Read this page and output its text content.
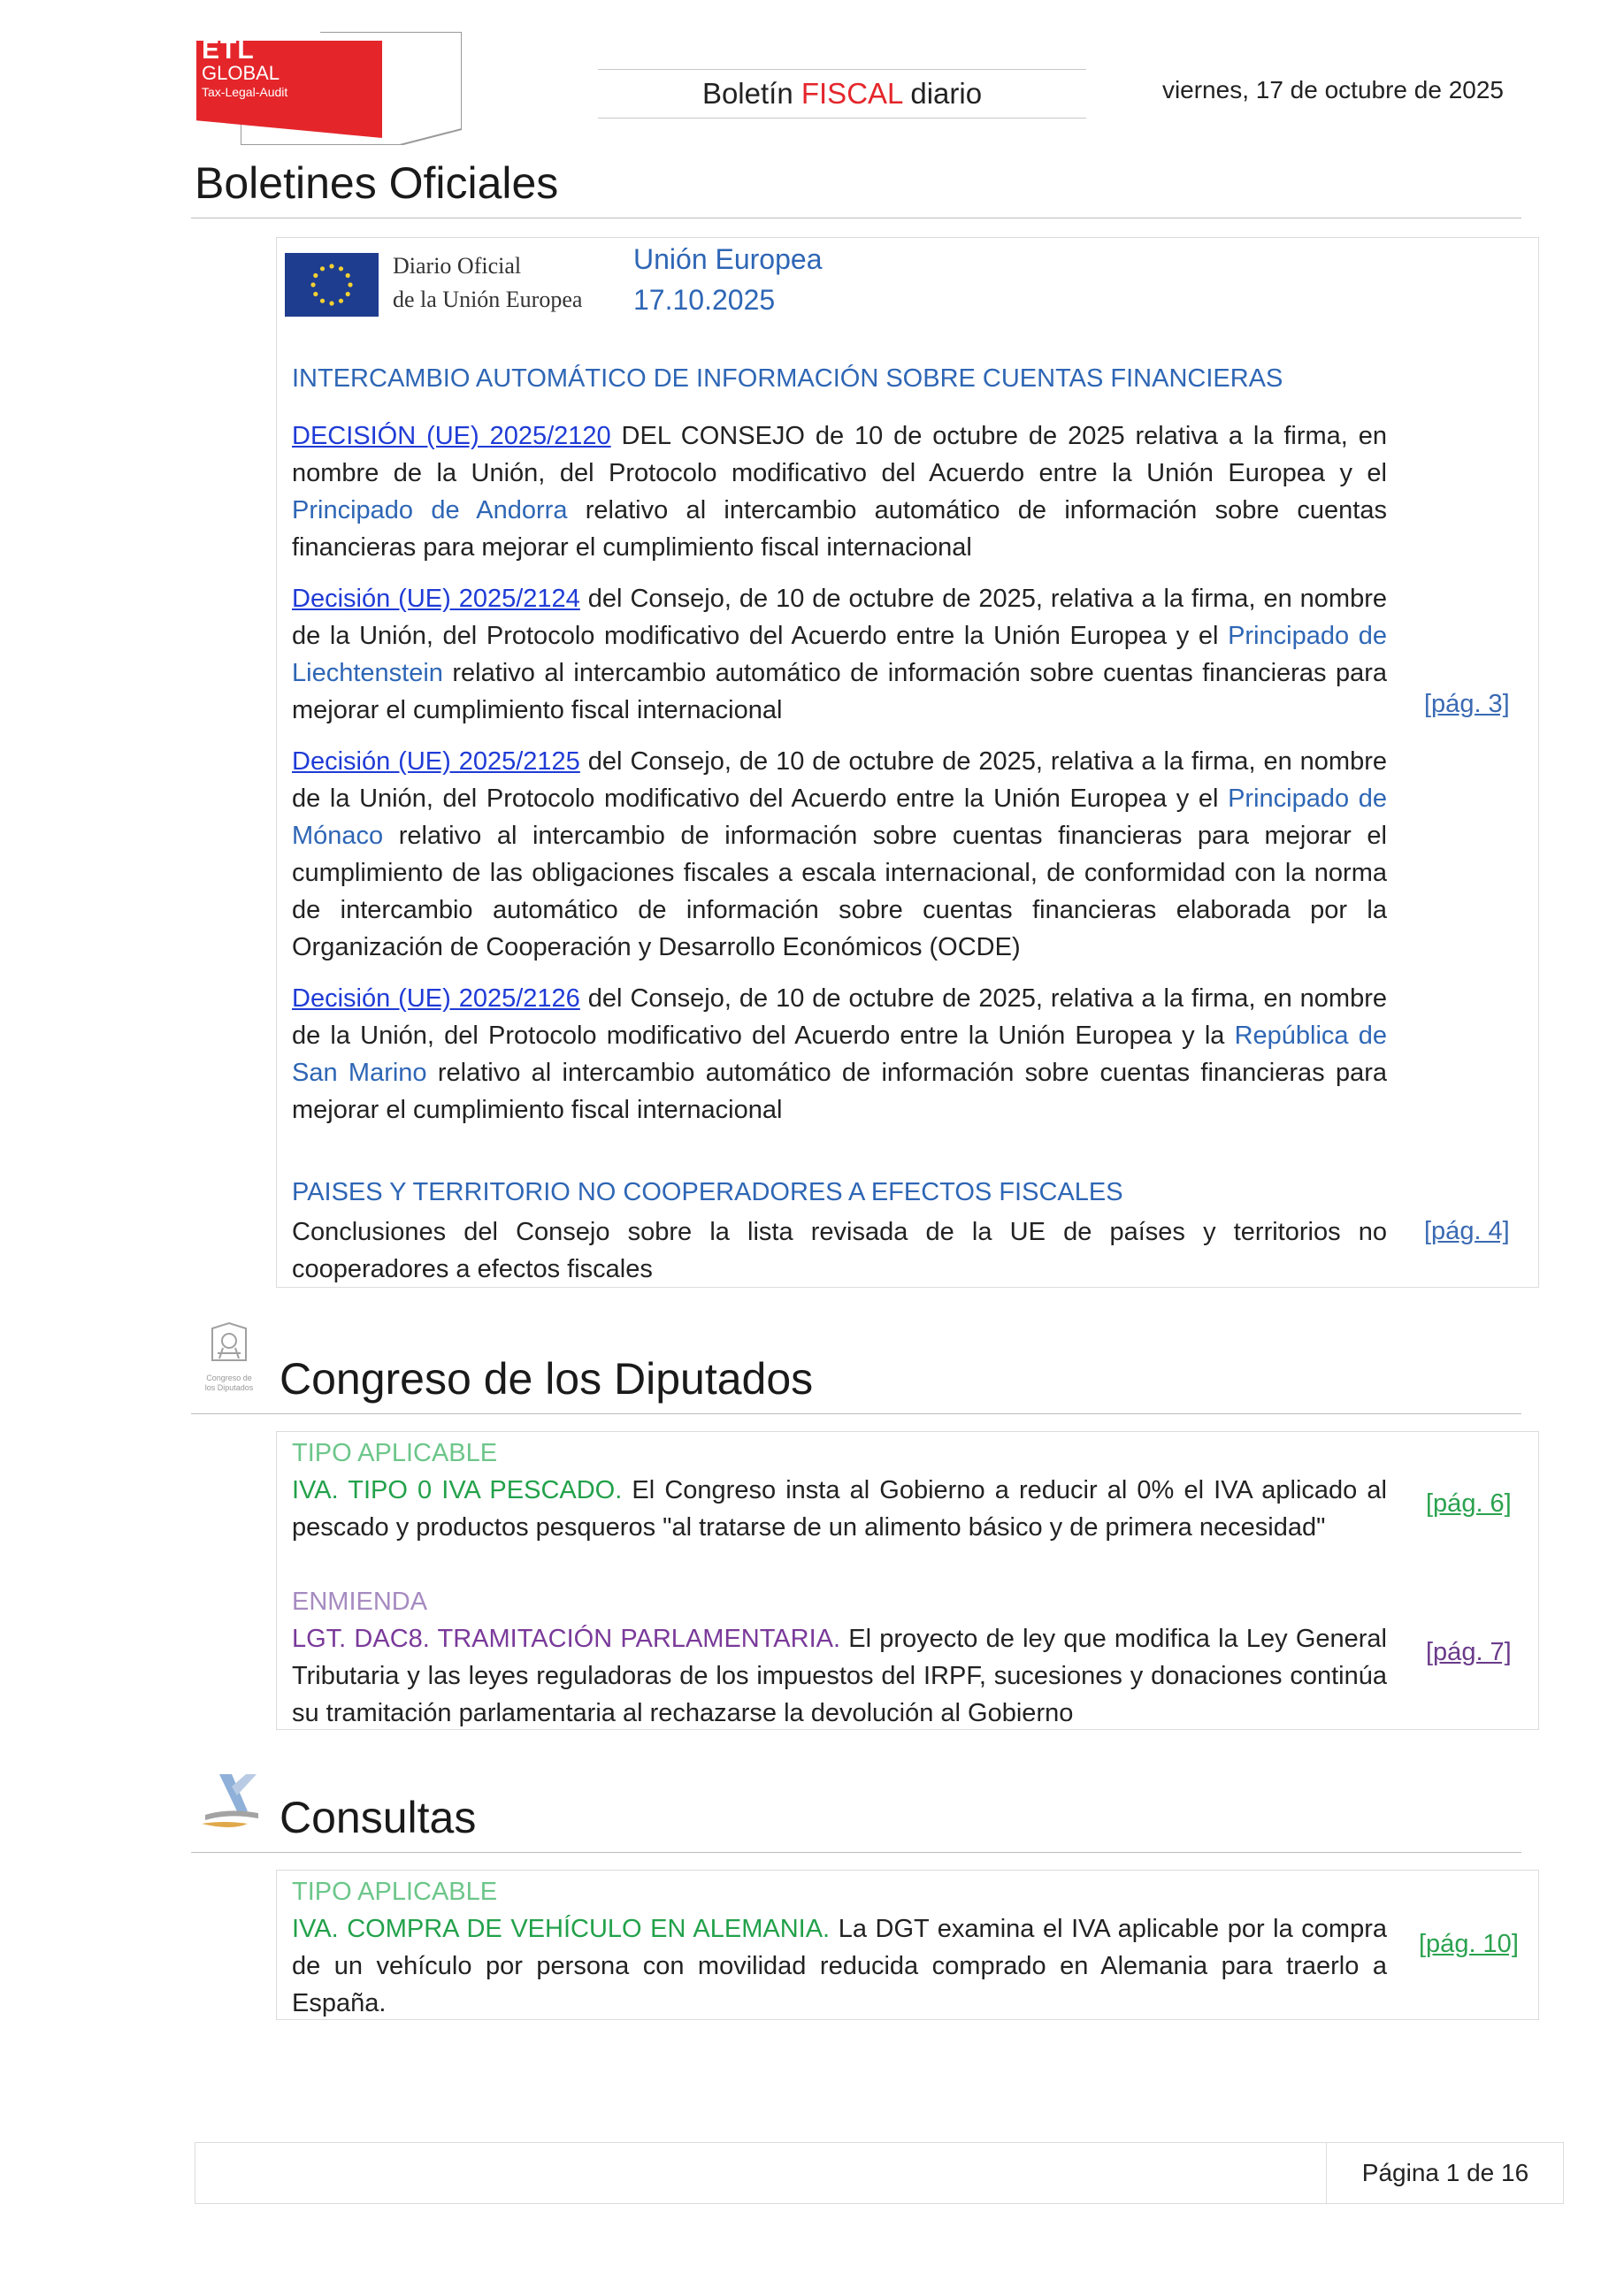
ETL
GLOBAL
Tax-Legal-Audit	Boletín FISCAL diario	viernes, 17 de octubre de 2025
Boletines Oficiales
Diario Oficial
de la Unión Europea
Unión Europea
17.10.2025
INTERCAMBIO AUTOMÁTICO DE INFORMACIÓN SOBRE CUENTAS FINANCIERAS
DECISIÓN (UE) 2025/2120 DEL CONSEJO de 10 de octubre de 2025 relativa a la firma, en nombre de la Unión, del Protocolo modificativo del Acuerdo entre la Unión Europea y el Principado de Andorra relativo al intercambio automático de información sobre cuentas financieras para mejorar el cumplimiento fiscal internacional
Decisión (UE) 2025/2124 del Consejo, de 10 de octubre de 2025, relativa a la firma, en nombre de la Unión, del Protocolo modificativo del Acuerdo entre la Unión Europea y el Principado de Liechtenstein relativo al intercambio automático de información sobre cuentas financieras para mejorar el cumplimiento fiscal internacional
Decisión (UE) 2025/2125 del Consejo, de 10 de octubre de 2025, relativa a la firma, en nombre de la Unión, del Protocolo modificativo del Acuerdo entre la Unión Europea y el Principado de Mónaco relativo al intercambio de información sobre cuentas financieras para mejorar el cumplimiento de las obligaciones fiscales a escala internacional, de conformidad con la norma de intercambio automático de información sobre cuentas financieras elaborada por la Organización de Cooperación y Desarrollo Económicos (OCDE)
Decisión (UE) 2025/2126 del Consejo, de 10 de octubre de 2025, relativa a la firma, en nombre de la Unión, del Protocolo modificativo del Acuerdo entre la Unión Europea y la República de San Marino relativo al intercambio automático de información sobre cuentas financieras para mejorar el cumplimiento fiscal internacional
[pág. 3]
PAISES Y TERRITORIO NO COOPERADORES A EFECTOS FISCALES
Conclusiones del Consejo sobre la lista revisada de la UE de países y territorios no cooperadores a efectos fiscales
[pág. 4]
Congreso de
los Diputados Congreso de los Diputados
TIPO APLICABLE
IVA. TIPO 0 IVA PESCADO. El Congreso insta al Gobierno a reducir al 0% el IVA aplicado al pescado y productos pesqueros "al tratarse de un alimento básico y de primera necesidad"
[pág. 6]
ENMIENDA
LGT. DAC8. TRAMITACIÓN PARLAMENTARIA. El proyecto de ley que modifica la Ley General Tributaria y las leyes reguladoras de los impuestos del IRPF, sucesiones y donaciones continúa su tramitación parlamentaria al rechazarse la devolución al Gobierno
[pág. 7]
Consultas
TIPO APLICABLE
IVA. COMPRA DE VEHÍCULO EN ALEMANIA. La DGT examina el IVA aplicable por la compra de un vehículo por persona con movilidad reducida comprado en Alemania para traerlo a España.
[pág. 10]
Página 1 de 16
